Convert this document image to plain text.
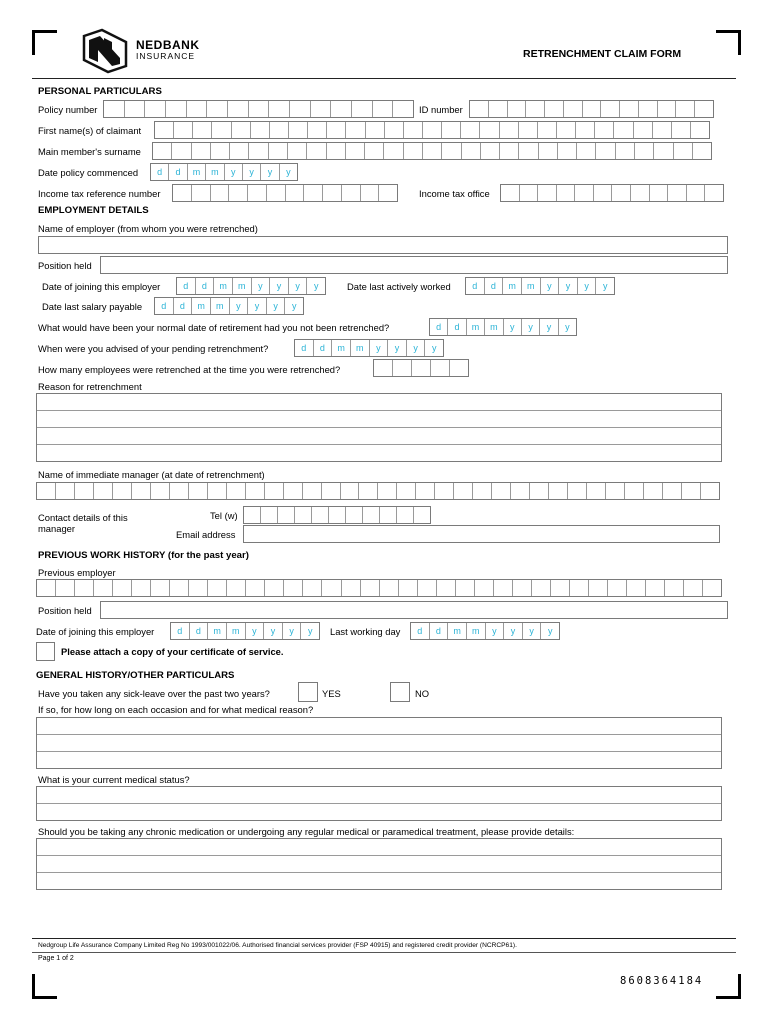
NEDBANK
INSURANCE	RETRENCHMENT CLAIM FORM
PERSONAL PARTICULARS
Policy number	ID number
First name(s) of claimant
Main member's surname
Date policy commenced	d	d	m	m	y	y	y	y
Income tax reference number	Income tax office
EMPLOYMENT DETAILS
Name of employer (from whom you were retrenched)
Position held
Date of joining this employer	d	d	m	m	y	y	y	y	Date last actively worked	d	d	m	m	y	y	y	y
Date last salary payable	d	d	m	m	y	y	y	y
What would have been your normal date of retirement had you not been retrenched?	d	d	m	m	y	y	y	y
When were you advised of your pending retrenchment?	d	d	m	m	y	y	y	y
How many employees were retrenched at the time you were retrenched?
Reason for retrenchment
Name of immediate manager (at date of retrenchment)
Contact details of this manager
Tel (w)
Email address
PREVIOUS WORK HISTORY (for the past year)
Previous employer
Position held
Date of joining this employer	d	d	m	m	y	y	y	y	Last working day	d	d	m	m	y	y	y	y
Please attach a copy of your certificate of service.
GENERAL HISTORY/OTHER PARTICULARS
Have you taken any sick-leave over the past two years?	YES	NO
If so, for how long on each occasion and for what medical reason?
What is your current medical status?
Should you be taking any chronic medication or undergoing any regular medical or paramedical treatment, please provide details:
Nedgroup Life Assurance Company Limited Reg No 1993/001022/06. Authorised financial services provider (FSP 40915) and registered credit provider (NCRCP61).
Page 1 of 2
8608364184
